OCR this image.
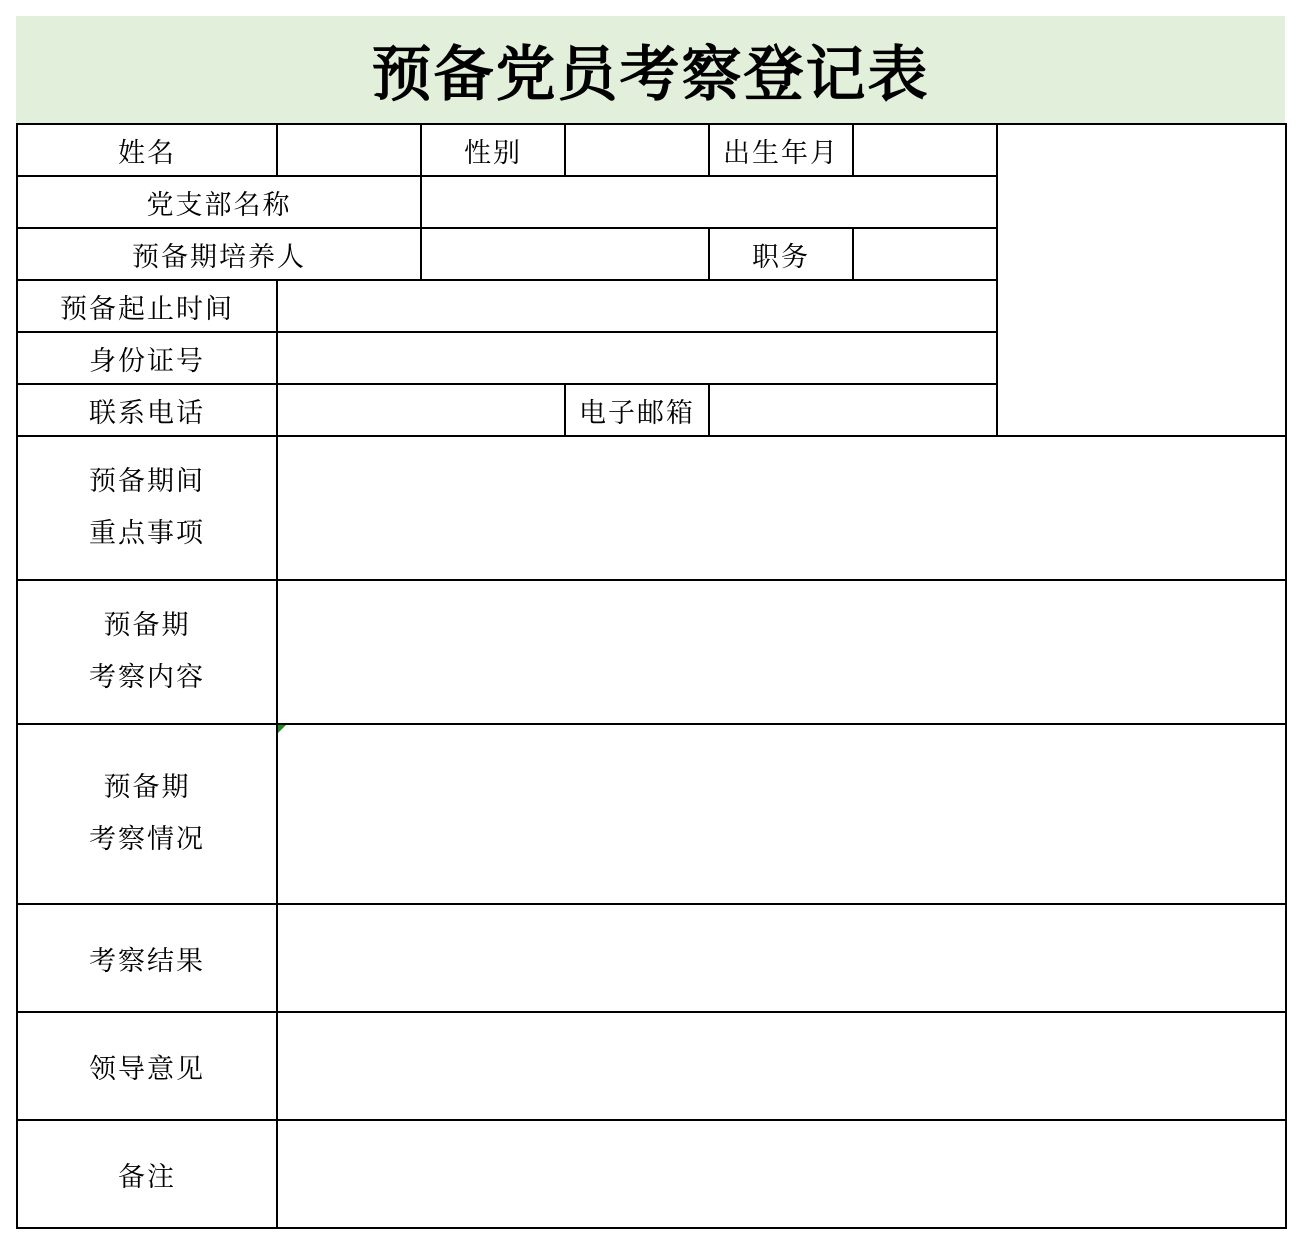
预备党员考察登记表
姓名		性别		出生年月		
党支部名称						
预备期培养人				职务		
预备起止时间						
身份证号						
联系电话			电子邮箱			

预备期间
重点事项						

预备期
考察内容						

预备期
考察情况						

考察结果						
领导意见						
备注						
